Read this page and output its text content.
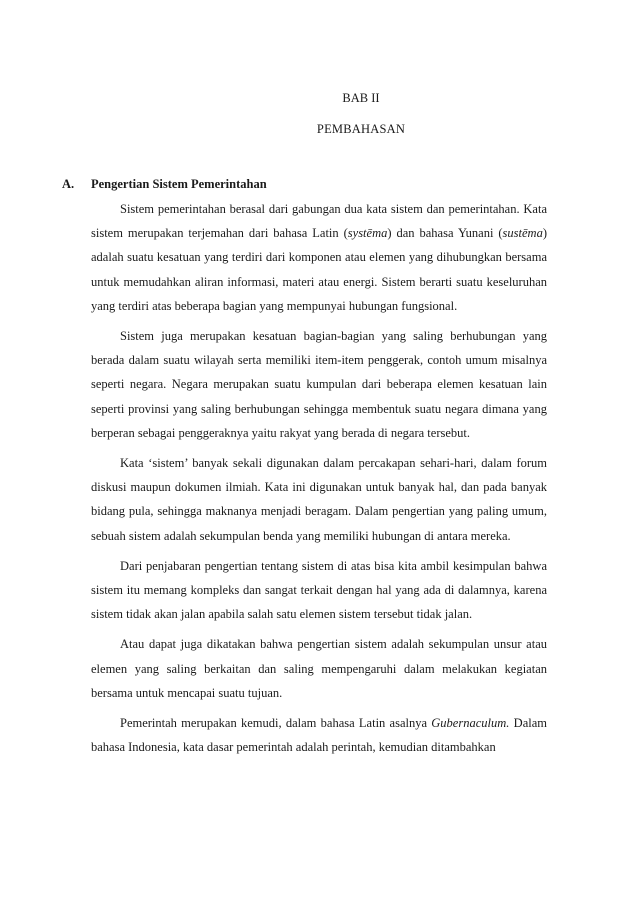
BAB II
PEMBAHASAN
A. Pengertian Sistem Pemerintahan

Sistem pemerintahan berasal dari gabungan dua kata sistem dan pemerintahan. Kata sistem merupakan terjemahan dari bahasa Latin (systēma) dan bahasa Yunani (sustēma) adalah suatu kesatuan yang terdiri dari komponen atau elemen yang dihubungkan bersama untuk memudahkan aliran informasi, materi atau energi. Sistem berarti suatu keseluruhan yang terdiri atas beberapa bagian yang mempunyai hubungan fungsional.

Sistem juga merupakan kesatuan bagian-bagian yang saling berhubungan yang berada dalam suatu wilayah serta memiliki item-item penggerak, contoh umum misalnya seperti negara. Negara merupakan suatu kumpulan dari beberapa elemen kesatuan lain seperti provinsi yang saling berhubungan sehingga membentuk suatu negara dimana yang berperan sebagai penggeraknya yaitu rakyat yang berada di negara tersebut.

Kata ‘sistem’ banyak sekali digunakan dalam percakapan sehari-hari, dalam forum diskusi maupun dokumen ilmiah. Kata ini digunakan untuk banyak hal, dan pada banyak bidang pula, sehingga maknanya menjadi beragam. Dalam pengertian yang paling umum, sebuah sistem adalah sekumpulan benda yang memiliki hubungan di antara mereka.

Dari penjabaran pengertian tentang sistem di atas bisa kita ambil kesimpulan bahwa sistem itu memang kompleks dan sangat terkait dengan hal yang ada di dalamnya, karena sistem tidak akan jalan apabila salah satu elemen sistem tersebut tidak jalan.

Atau dapat juga dikatakan bahwa pengertian sistem adalah sekumpulan unsur atau elemen yang saling berkaitan dan saling mempengaruhi dalam melakukan kegiatan bersama untuk mencapai suatu tujuan.

Pemerintah merupakan kemudi, dalam bahasa Latin asalnya Gubernaculum. Dalam bahasa Indonesia, kata dasar pemerintah adalah perintah, kemudian ditambahkan
